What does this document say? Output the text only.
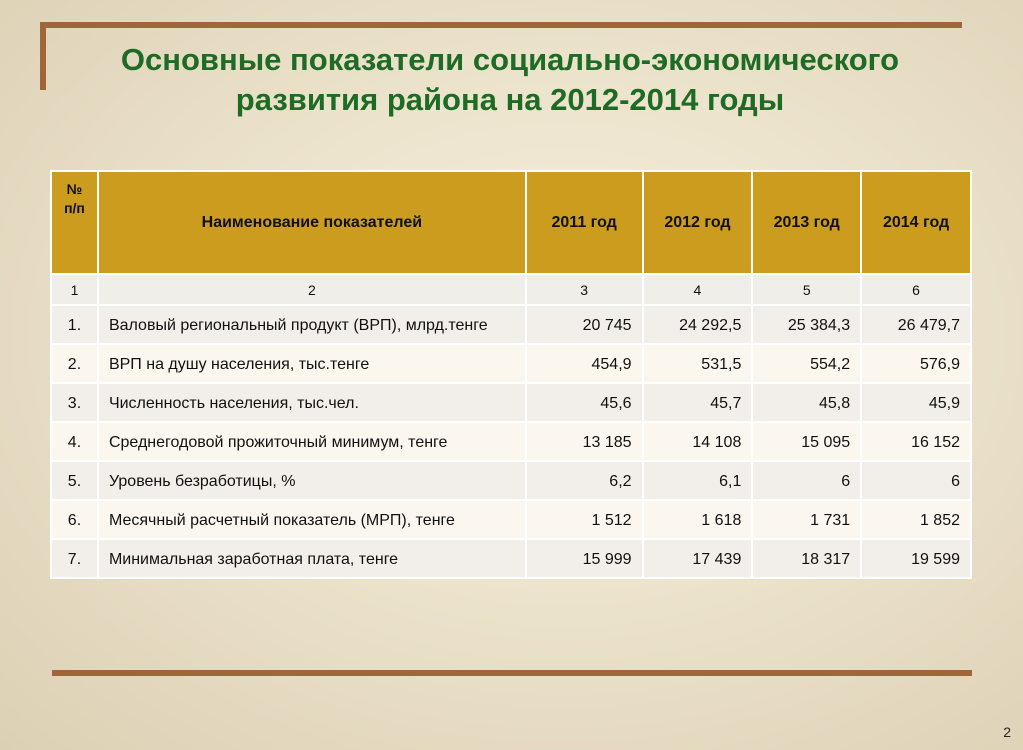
Основные показатели социально-экономического
развития района на 2012-2014 годы
№ п/п	Наименование показателей	2011 год	2012 год	2013 год	2014 год
1	2	3	4	5	6
1.	Валовый региональный продукт (ВРП), млрд.тенге	20 745	24 292,5	25 384,3	26 479,7
2.	ВРП на душу населения, тыс.тенге	454,9	531,5	554,2	576,9
3.	Численность населения, тыс.чел.	45,6	45,7	45,8	45,9
4.	Среднегодовой прожиточный минимум, тенге	13 185	14 108	15 095	16 152
5.	Уровень безработицы, %	6,2	6,1	6	6
6.	Месячный расчетный показатель (МРП), тенге	1 512	1 618	1 731	1 852
7.	Минимальная заработная плата, тенге	15 999	17 439	18 317	19 599
2
